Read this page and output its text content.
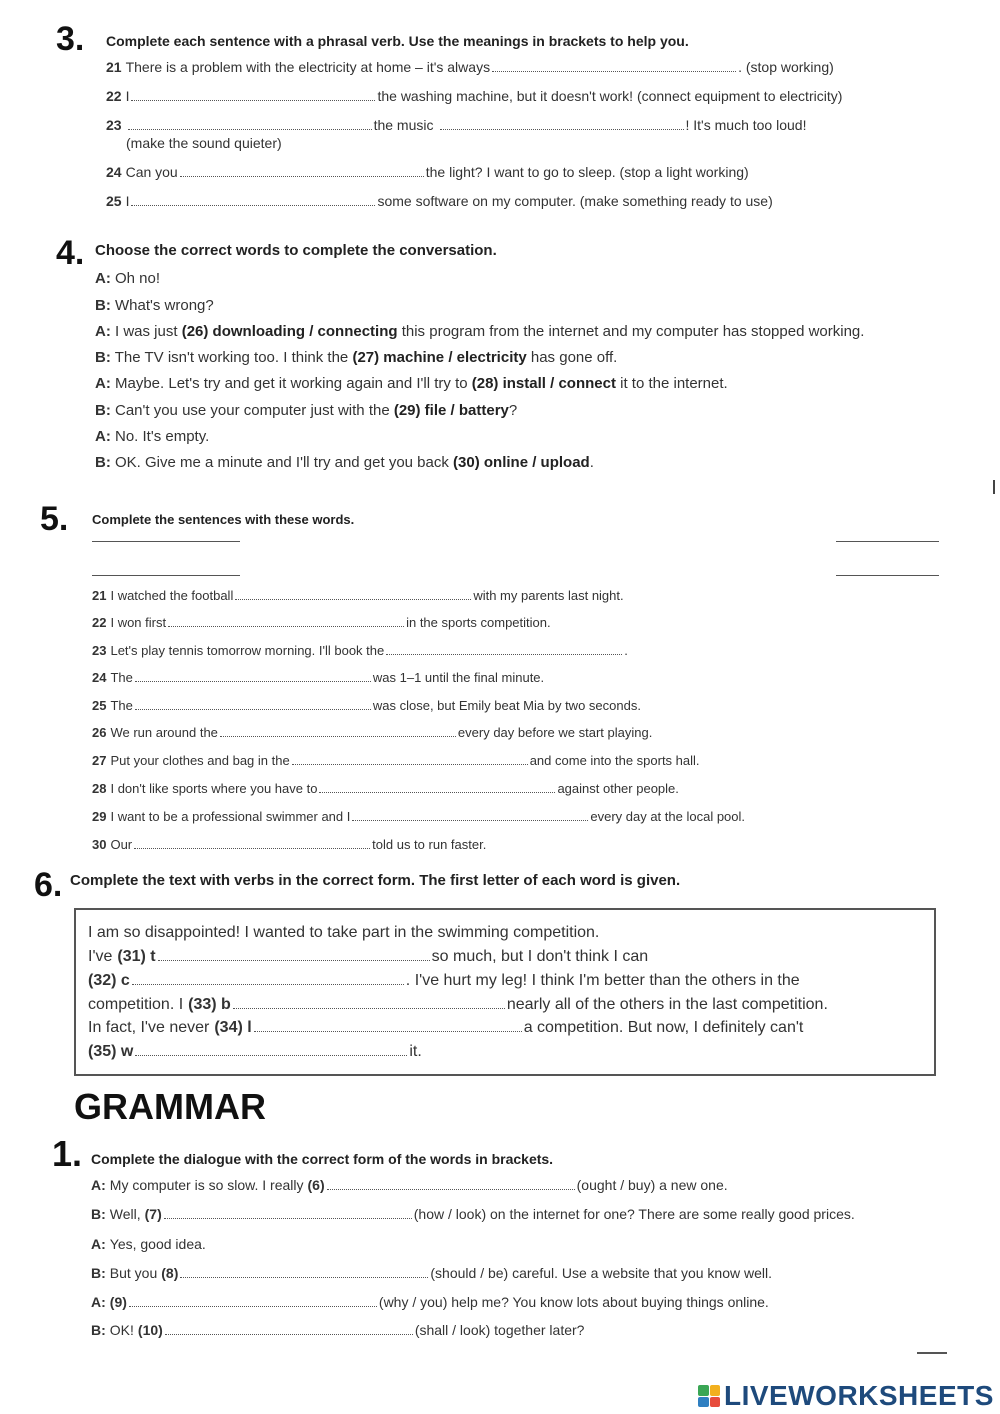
3. Complete each sentence with a phrasal verb. Use the meanings in brackets to help you.
21 There is a problem with the electricity at home – it's always	. (stop working)
22 I	the washing machine, but it doesn't work! (connect equipment to electricity)
23	the music	! It's much too loud!
(make the sound quieter)
24 Can you	the light? I want to go to sleep. (stop a light working)
25 I	some software on my computer. (make something ready to use)
4. Choose the correct words to complete the conversation.
A: Oh no!
B: What's wrong?
A: I was just (26) downloading / connecting this program from the internet and my computer has stopped working.
B: The TV isn't working too. I think the (27) machine / electricity has gone off.
A: Maybe. Let's try and get it working again and I'll try to (28) install / connect it to the internet.
B: Can't you use your computer just with the (29) file / battery?
A: No. It's empty.
B: OK. Give me a minute and I'll try and get you back (30) online / upload.
5. Complete the sentences with these words.
21 I watched the football	with my parents last night.
22 I won first	in the sports competition.
23 Let's play tennis tomorrow morning. I'll book the	.
24 The	was 1–1 until the final minute.
25 The	was close, but Emily beat Mia by two seconds.
26 We run around the	every day before we start playing.
27 Put your clothes and bag in the	and come into the sports hall.
28 I don't like sports where you have to	against other people.
29 I want to be a professional swimmer and I	every day at the local pool.
30 Our	told us to run faster.
6. Complete the text with verbs in the correct form. The first letter of each word is given.
I am so disappointed! I wanted to take part in the swimming competition.
I've (31) t	so much, but I don't think I can
(32) c	. I've hurt my leg! I think I'm better than the others in the
competition. I (33) b	nearly all of the others in the last competition.
In fact, I've never (34) l	a competition. But now, I definitely can't
(35) w	it.
GRAMMAR
1. Complete the dialogue with the correct form of the words in brackets.
A: My computer is so slow. I really (6)	(ought / buy) a new one.
B: Well, (7)	(how / look) on the internet for one? There are some really good prices.
A: Yes, good idea.
B: But you (8)	(should / be) careful. Use a website that you know well.
A: (9)	(why / you) help me? You know lots about buying things online.
B: OK! (10)	(shall / look) together later?
LIVEWORKSHEETS
